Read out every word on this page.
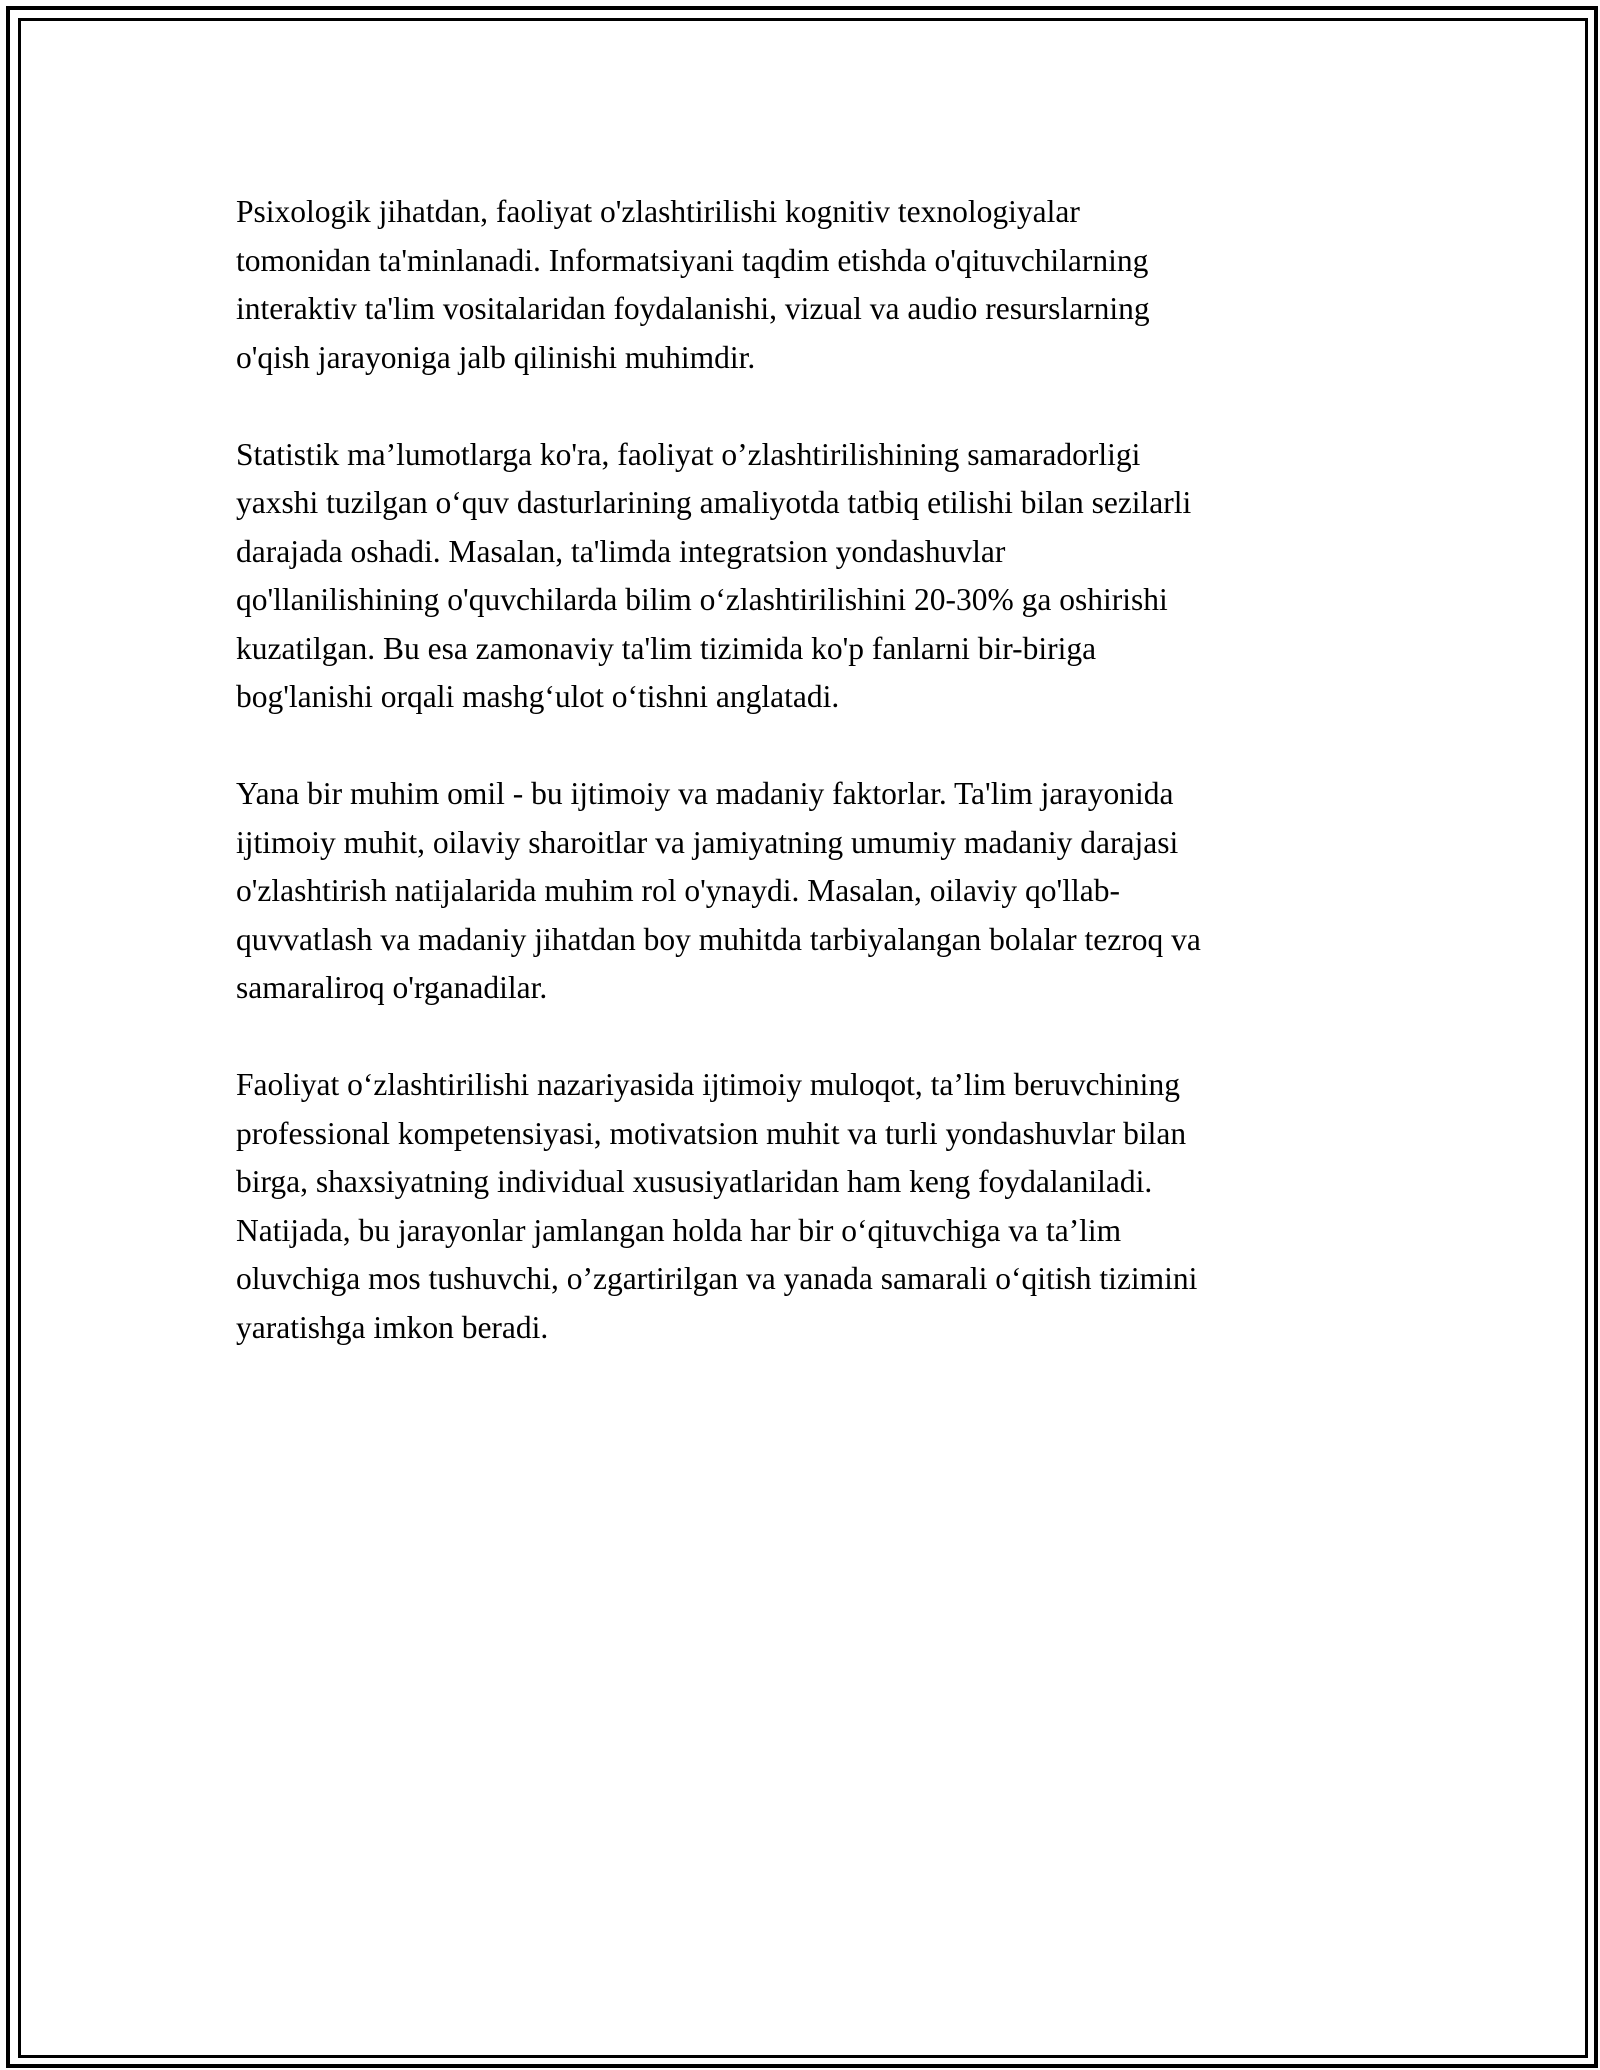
Psixologik jihatdan, faoliyat o'zlashtirilishi kognitiv texnologiyalar
tomonidan ta'minlanadi. Informatsiyani taqdim etishda o'qituvchilarning
interaktiv ta'lim vositalaridan foydalanishi, vizual va audio resurslarning
o'qish jarayoniga jalb qilinishi muhimdir.

Statistik ma’lumotlarga ko'ra, faoliyat o’zlashtirilishining samaradorligi
yaxshi tuzilgan o‘quv dasturlarining amaliyotda tatbiq etilishi bilan sezilarli
darajada oshadi. Masalan, ta'limda integratsion yondashuvlar
qo'llanilishining o'quvchilarda bilim o‘zlashtirilishini 20-30% ga oshirishi
kuzatilgan. Bu esa zamonaviy ta'lim tizimida ko'p fanlarni bir-biriga
bog'lanishi orqali mashg‘ulot o‘tishni anglatadi.

Yana bir muhim omil - bu ijtimoiy va madaniy faktorlar. Ta'lim jarayonida
ijtimoiy muhit, oilaviy sharoitlar va jamiyatning umumiy madaniy darajasi
o'zlashtirish natijalarida muhim rol o'ynaydi. Masalan, oilaviy qo'llab-
quvvatlash va madaniy jihatdan boy muhitda tarbiyalangan bolalar tezroq va
samaraliroq o'rganadilar.

Faoliyat o‘zlashtirilishi nazariyasida ijtimoiy muloqot, ta’lim beruvchining
professional kompetensiyasi, motivatsion muhit va turli yondashuvlar bilan
birga, shaxsiyatning individual xususiyatlaridan ham keng foydalaniladi.
Natijada, bu jarayonlar jamlangan holda har bir o‘qituvchiga va ta’lim
oluvchiga mos tushuvchi, o’zgartirilgan va yanada samarali o‘qitish tizimini
yaratishga imkon beradi.
